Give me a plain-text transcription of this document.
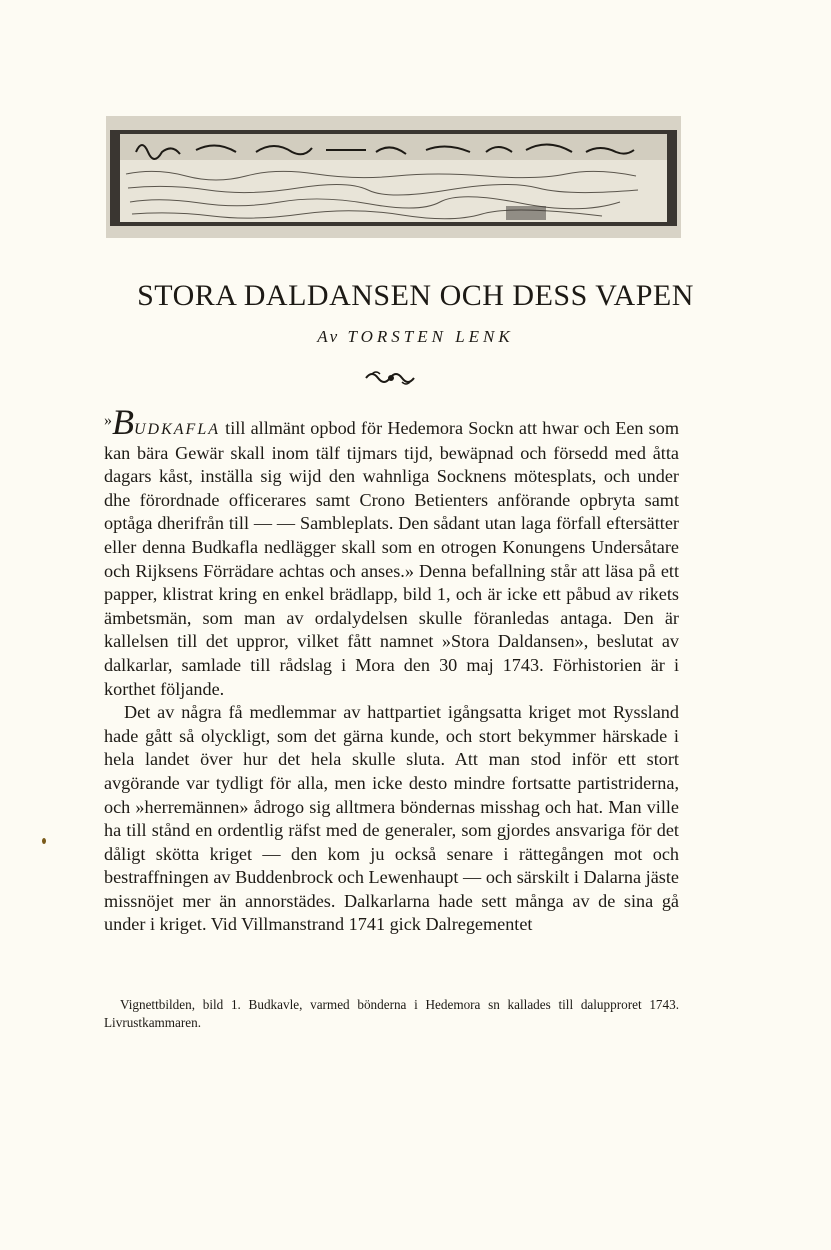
STORA DALDANSEN OCH DESS VAPEN
Av TORSTEN LENK

»BUDKAFLA till allmänt opbod för Hedemora Sockn att hwar och Een som kan bära Gewär skall inom tälf tijmars tijd, bewäpnad och försedd med åtta dagars kåst, inställa sig wijd den wahnliga Socknens mötesplats, och under dhe förordnade officerares samt Crono Betienters anförande opbryta samt optåga dherifrån till — — Sambleplats. Den sådant utan laga förfall eftersätter eller denna Budkafla nedlägger skall som en otrogen Konungens Undersåtare och Rijksens Förrädare achtas och anses.» Denna befallning står att läsa på ett papper, klistrat kring en enkel brädlapp, bild 1, och är icke ett påbud av rikets ämbetsmän, som man av ordalydelsen skulle föranledas antaga. Den är kallelsen till det uppror, vilket fått namnet »Stora Daldansen», beslutat av dalkarlar, samlade till rådslag i Mora den 30 maj 1743. Förhistorien är i korthet följande.

Det av några få medlemmar av hattpartiet igångsatta kriget mot Ryssland hade gått så olyckligt, som det gärna kunde, och stort bekymmer härskade i hela landet över hur det hela skulle sluta. Att man stod inför ett stort avgörande var tydligt för alla, men icke desto mindre fortsatte partistriderna, och »herremännen» ådrogo sig alltmera böndernas misshag och hat. Man ville ha till stånd en ordentlig räfst med de generaler, som gjordes ansvariga för det dåligt skötta kriget — den kom ju också senare i rättegången mot och bestraffningen av Buddenbrock och Lewenhaupt — och särskilt i Dalarna jäste missnöjet mer än annorstädes. Dalkarlarna hade sett många av de sina gå under i kriget. Vid Villmanstrand 1741 gick Dalregementet

Vignettbilden, bild 1. Budkavle, varmed bönderna i Hedemora sn kallades till dalupproret 1743. Livrustkammaren.
